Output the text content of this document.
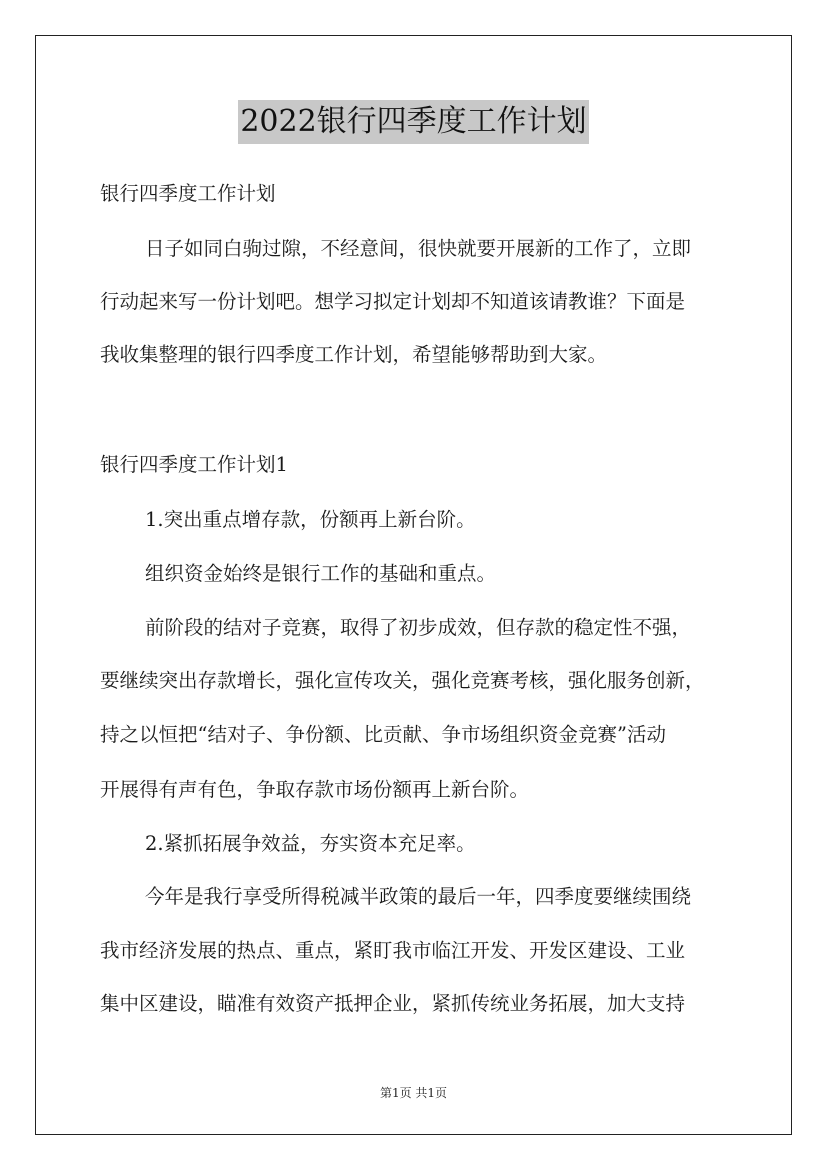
2022银行四季度工作计划
银行四季度工作计划
日子如同白驹过隙，不经意间，很快就要开展新的工作了，立即
行动起来写一份计划吧。想学习拟定计划却不知道该请教谁？下面是
我收集整理的银行四季度工作计划，希望能够帮助到大家。
银行四季度工作计划1
1.突出重点增存款，份额再上新台阶。
组织资金始终是银行工作的基础和重点。
前阶段的结对子竞赛，取得了初步成效，但存款的稳定性不强，
要继续突出存款增长，强化宣传攻关，强化竞赛考核，强化服务创新，
持之以恒把“结对子、争份额、比贡献、争市场组织资金竞赛”活动
开展得有声有色，争取存款市场份额再上新台阶。
2.紧抓拓展争效益，夯实资本充足率。
今年是我行享受所得税减半政策的最后一年，四季度要继续围绕
我市经济发展的热点、重点，紧盯我市临江开发、开发区建设、工业
集中区建设，瞄准有效资产抵押企业，紧抓传统业务拓展，加大支持
第1页 共1页
